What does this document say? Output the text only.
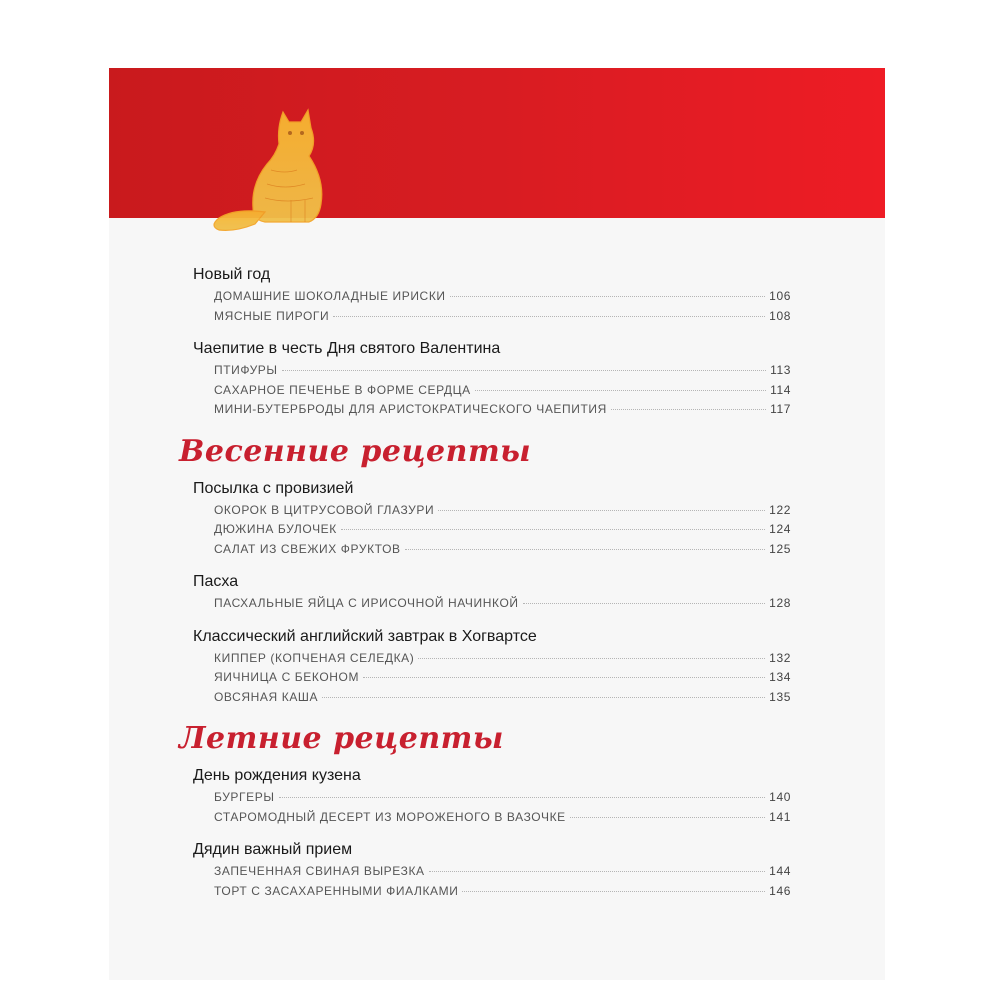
Новый год
ДОМАШНИЕ ШОКОЛАДНЫЕ ИРИСКИ	106
МЯСНЫЕ ПИРОГИ	108
Чаепитие в честь Дня святого Валентина
ПТИФУРЫ	113
САХАРНОЕ ПЕЧЕНЬЕ В ФОРМЕ СЕРДЦА	114
МИНИ-БУТЕРБРОДЫ ДЛЯ АРИСТОКРАТИЧЕСКОГО ЧАЕПИТИЯ	117
Весенние рецепты
Посылка с провизией
ОКОРОК В ЦИТРУСОВОЙ ГЛАЗУРИ	122
ДЮЖИНА БУЛОЧЕК	124
САЛАТ ИЗ СВЕЖИХ ФРУКТОВ	125
Пасха
ПАСХАЛЬНЫЕ ЯЙЦА С ИРИСОЧНОЙ НАЧИНКОЙ	128
Классический английский завтрак в Хогвартсе
КИППЕР (КОПЧЕНАЯ СЕЛЕДКА)	132
ЯИЧНИЦА С БЕКОНОМ	134
ОВСЯНАЯ КАША	135
Летние рецепты
День рождения кузена
БУРГЕРЫ	140
СТАРОМОДНЫЙ ДЕСЕРТ ИЗ МОРОЖЕНОГО В ВАЗОЧКЕ	141
Дядин важный прием
ЗАПЕЧЕННАЯ СВИНАЯ ВЫРЕЗКА	144
ТОРТ С ЗАСАХАРЕННЫМИ ФИАЛКАМИ	146
